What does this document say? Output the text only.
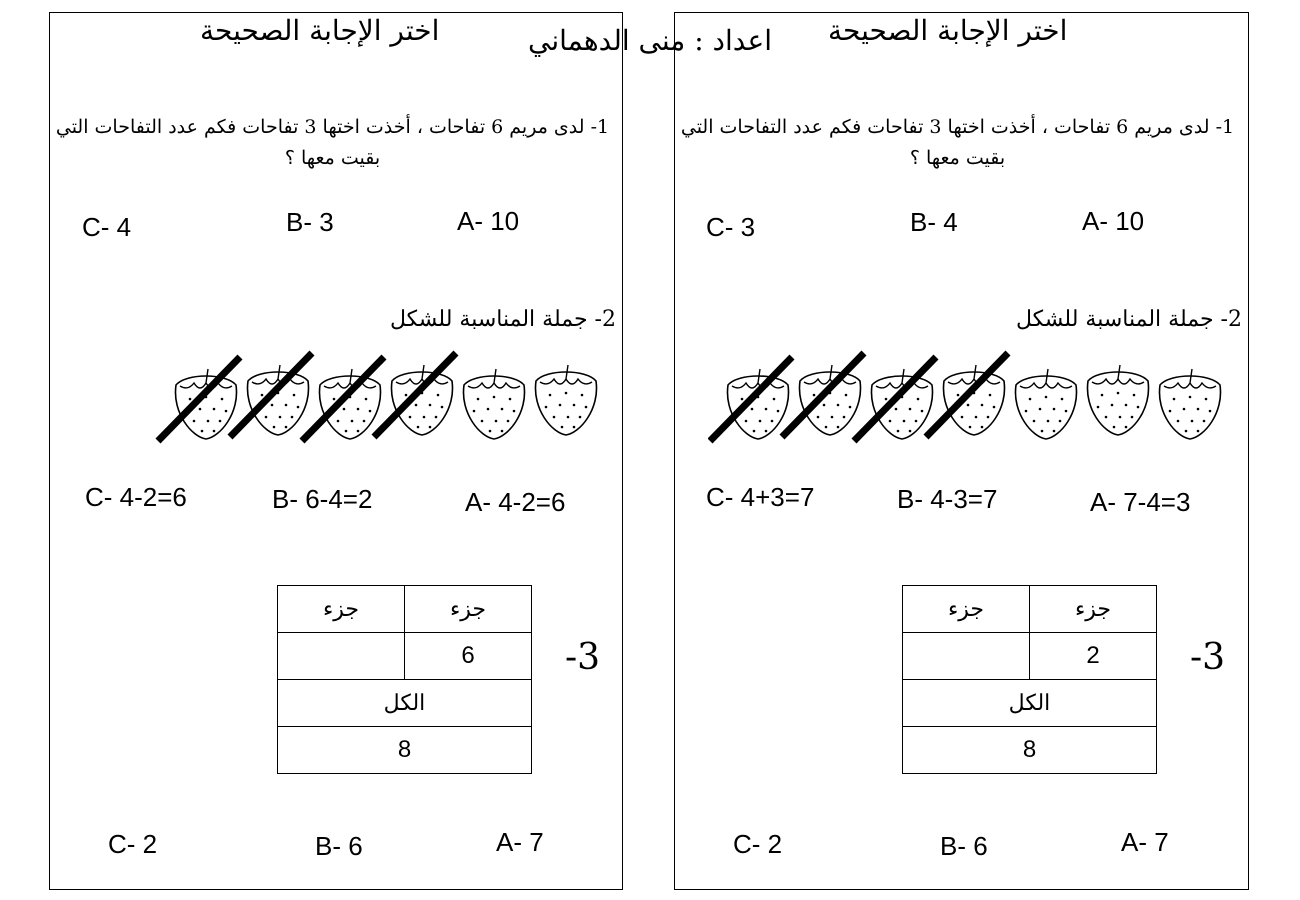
اختر الإجابة الصحيحة
1- لدى مريم 6 تفاحات ، أخذت اختها 3 تفاحات فكم عدد التفاحات التي بقيت معها ؟
A- 10
B- 3
C- 4
2- جملة المناسبة للشكل
A- 4-2=6
B- 6-4=2
C- 4-2=6
جزء	جزء
	6
الكل	
8	
-3
A- 7
B- 6
C- 2
اختر الإجابة الصحيحة
1- لدى مريم 6 تفاحات ، أخذت اختها 3 تفاحات فكم عدد التفاحات التي بقيت معها ؟
A- 10
B- 4
C- 3
2- جملة المناسبة للشكل
A- 7-4=3
B- 4-3=7
C- 4+3=7
جزء	جزء
	2
الكل	
8	
-3
A- 7
B- 6
C- 2
اعداد : منى الدهماني
